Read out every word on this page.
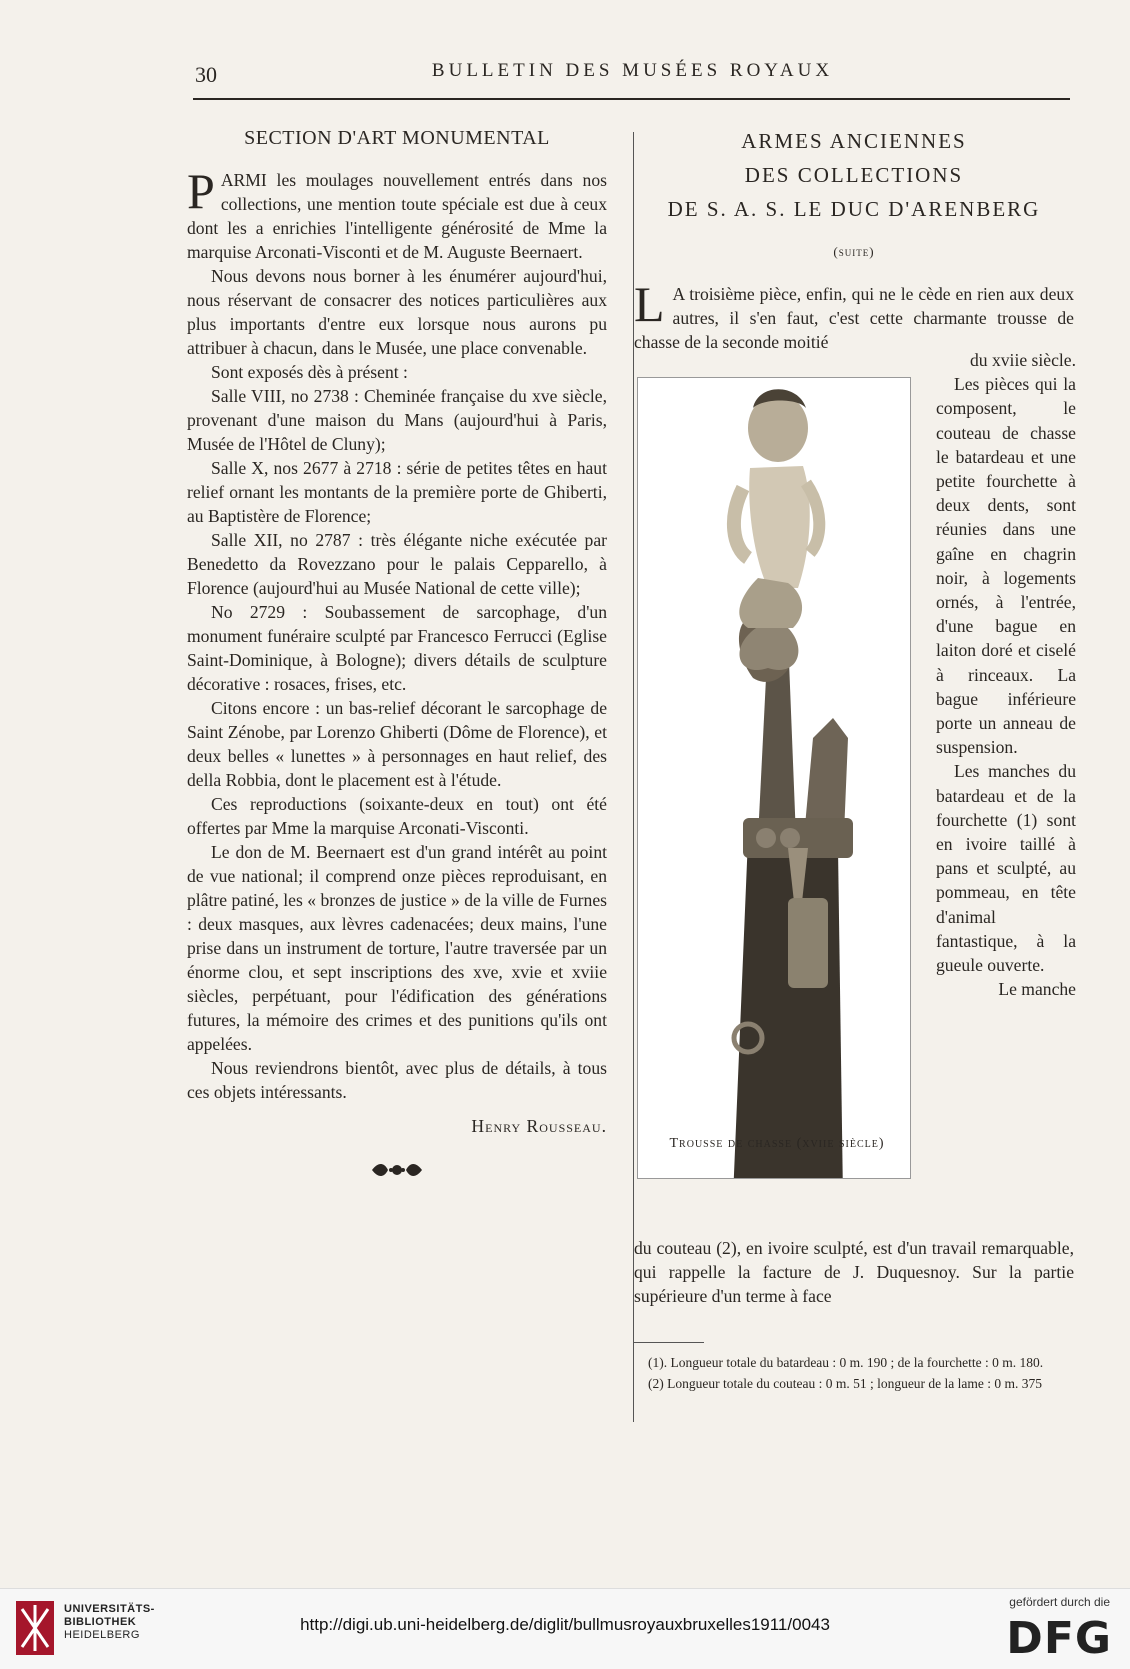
30	BULLETIN DES MUSÉES ROYAUX
SECTION D'ART MONUMENTAL

PARMI les moulages nouvellement entrés dans nos collections, une mention toute spéciale est due à ceux dont les a enrichies l'intelligente générosité de Mme la marquise Arconati-Visconti et de M. Auguste Beernaert.

Nous devons nous borner à les énumérer aujourd'hui, nous réservant de consacrer des notices particulières aux plus importants d'entre eux lorsque nous aurons pu attribuer à chacun, dans le Musée, une place convenable.

Sont exposés dès à présent :

Salle VIII, no 2738 : Cheminée française du xve siècle, provenant d'une maison du Mans (aujourd'hui à Paris, Musée de l'Hôtel de Cluny);

Salle X, nos 2677 à 2718 : série de petites têtes en haut relief ornant les montants de la première porte de Ghiberti, au Baptistère de Florence;

Salle XII, no 2787 : très élégante niche exécutée par Benedetto da Rovezzano pour le palais Cepparello, à Florence (aujourd'hui au Musée National de cette ville);

No 2729 : Soubassement de sarcophage, d'un monument funéraire sculpté par Francesco Ferrucci (Eglise Saint-Dominique, à Bologne); divers détails de sculpture décorative : rosaces, frises, etc.

Citons encore : un bas-relief décorant le sarcophage de Saint Zénobe, par Lorenzo Ghiberti (Dôme de Florence), et deux belles « lunettes » à personnages en haut relief, des della Robbia, dont le placement est à l'étude.

Ces reproductions (soixante-deux en tout) ont été offertes par Mme la marquise Arconati-Visconti.

Le don de M. Beernaert est d'un grand intérêt au point de vue national; il comprend onze pièces reproduisant, en plâtre patiné, les « bronzes de justice » de la ville de Furnes : deux masques, aux lèvres cadenacées; deux mains, l'une prise dans un instrument de torture, l'autre traversée par un énorme clou, et sept inscriptions des xve, xvie et xviie siècles, perpétuant, pour l'édification des générations futures, la mémoire des crimes et des punitions qu'ils ont appelées.

Nous reviendrons bientôt, avec plus de détails, à tous ces objets intéressants.

Henry Rousseau.

ARMES ANCIENNES
DES COLLECTIONS
DE S. A. S. LE DUC D'ARENBERG
(suite)

L A troisième pièce, enfin, qui ne le cède en rien aux deux autres, il s'en faut, c'est cette charmante trousse de chasse de la seconde moitié

Trousse de chasse (xviie siècle)

du xviie siècle.

Les pièces qui la composent, le couteau de chasse le batardeau et une petite fourchette à deux dents, sont réunies dans une gaîne en chagrin noir, à logements ornés, à l'entrée, d'une bague en laiton doré et ciselé à rinceaux. La bague inférieure porte un anneau de suspension.

Les manches du batardeau et de la fourchette (1) sont en ivoire taillé à pans et sculpté, au pommeau, en tête d'animal fantastique, à la gueule ouverte.

Le manche

du couteau (2), en ivoire sculpté, est d'un travail remarquable, qui rappelle la facture de J. Duquesnoy. Sur la partie supérieure d'un terme à face

(1). Longueur totale du batardeau : 0 m. 190 ; de la fourchette : 0 m. 180.

(2) Longueur totale du couteau : 0 m. 51 ; longueur de la lame : 0 m. 375

UNIVERSITÄTS-
BIBLIOTHEK
HEIDELBERG
http://digi.ub.uni-heidelberg.de/diglit/bullmusroyauxbruxelles1911/0043
gefördert durch die
DFG
